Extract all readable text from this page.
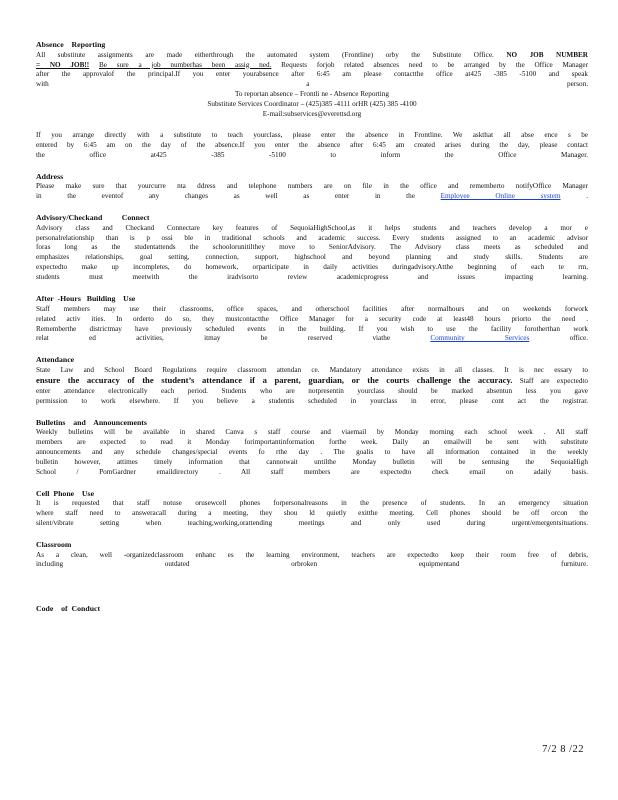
Absence    Reporting
All substitute assignments are made eitherthrough the automated system (Frontline) orby the Substitute Office. NO JOB NUMBER
= NO JOB!! Be sure a job numberhas been assig ned. Requests forjob related absences need to be arranged by the Office Manager
after the approvalof the principal.If you enter yourabsence after 6:45 am please contactthe office at425 -385 -5100 and speak
with a person.
To reportan absence – Frontli ne - Absence Reporting
Substitute Services Coordinator – (425)385 -4111 orHR (425) 385 -4100
E-mail:subservices@everettsd.org
If you arrange directly with a substitute to teach yourclass, please enter the absence in Frontline. We askthat all abse ence s be
entered by 6:45 am on the day of the absence.If you enter the absence after 6:45 am created arises during the day, please contact
the office at425 -385 -5100 to inform the Office Manager.
Address
Please make sure that yourcurre nta ddress and telephone numbers are on file in the office and rememberto notifyOffice Manager
in the eventof any changes as well as enter in the	Employee Online system .
Advisory/Checkand          Connect
Advisory class and Checkand Connectare key features of SequoiaHighSchool,as it helps students and teachers develop a mor e
personalrelationship than is p ossi ble in traditional schools and academic success. Every students assigned to an academic advisor
foras long as the studentattends the schoolorunitilthey move to SeniorAdvisory. The Advisory class meets as scheduled and
emphasizes relationships, goal setting, connection, support, highschool and beyond planning and study skills. Students are
expectedto make up incompletes, do homework, orparticipate in daily activities duringadvisory.Atthe beginning of each te rm,
students must meetwith the iradvisorto review academicprogress and issues impacting learning.
After  -Hours   Building    Use
Staff members may use their classrooms, office spaces, and otherschool facilities after normalhours and on weekends forwork
related activ ities. In orderto do so, they mustcontactthe Office Manager for a security code at least48 hours priorto the need .
Rememberthe districtmay have previously scheduled events in the building. If you wish to use the facility forotherthan work
relat ed activities, itmay be reserved viathe	Community Services office.
Attendance
State Law and School Board Regulations require classroom attendan ce. Mandatory attendance exists in all classes. It is nec essary to
ensure the accuracy of the student’s attendance if a parent, guardian, or the courts challenge the accuracy. Staff are expectedto
enter attendance electronically each period. Students who are notpresentin yourclass should be marked absentun less you gave
permission to work elsewhere. If you believe a studentis scheduled in yourclass in error, please cont act the registrar.
Bulletins    and    Announcements
Weekly bulletins will be available in shared Canva s staff course and viaemail by Monday morning each school week . All staff
members are expected to read it Monday forimportantinformation forthe week. Daily an emailwill be sent with substitute
announcements and any schedule changes/special events fo rthe day . The goalis to have all information contained in the weekly
bulletin however, attimes timely information that cannotwait untilthe Monday bulletin will be sentusing the SequoiaHigh
School / PomGardner emaildirectory . All staff members are expectedto check email on adaily basis.
Cell  Phone    Use
It is requested that staff notuse orusewcell phones forpersonalreasons in the presence of students. In an emergency situation
where staff need to answeracall during a meeting, they shou ld quietly exitthe meeting. Cell phones should be off orcon the
silent/vibrate setting when teaching,working,orattending meetings and only used during urgent/emergentsituations.
Classroom
As a clean, well -organizedclassroom enhanc es the learning environment, teachers are expectedto keep their room free of debris,
including outdated orbroken equipmentand furniture.
Code    of  Conduct
7/2 8 /22
